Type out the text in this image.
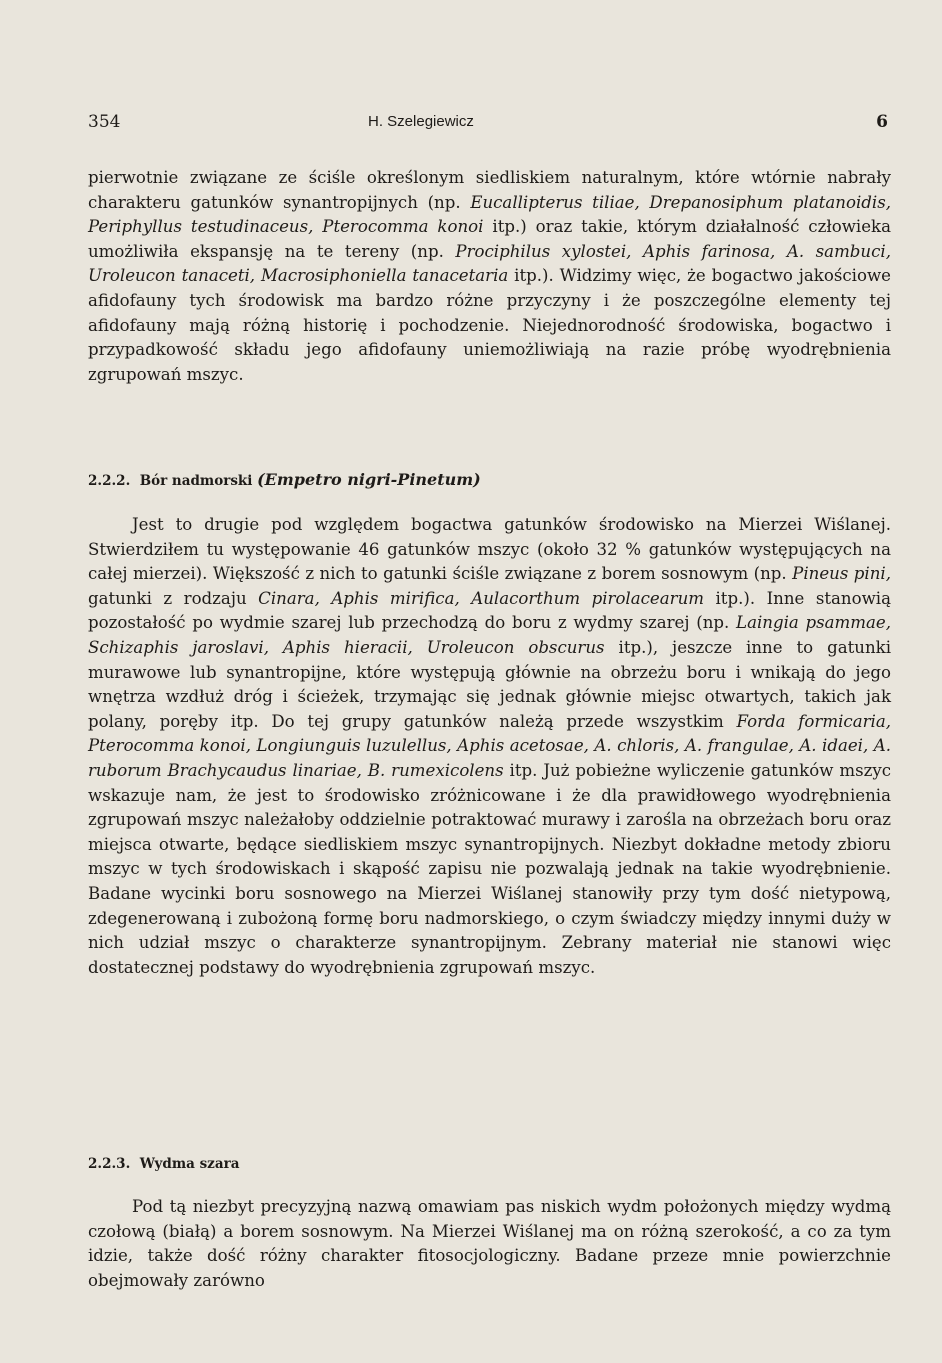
354	H. Szelegiewicz	6
pierwotnie związane ze ściśle określonym siedliskiem naturalnym, które wtórnie nabrały charakteru gatunków synantropijnych (np. Eucallipterus tiliae, Drepanosiphum platanoidis, Periphyllus testudinaceus, Pterocomma konoi itp.) oraz takie, którym działalność człowieka umożliwiła ekspansję na te tereny (np. Prociphilus xylostei, Aphis farinosa, A. sambuci, Uroleucon tanaceti, Macrosiphoniella tanacetaria itp.). Widzimy więc, że bogactwo jakościowe afidofauny tych środowisk ma bardzo różne przyczyny i że poszczególne elementy tej afidofauny mają różną historię i pochodzenie. Niejednorodność środowiska, bogactwo i przypadkowość składu jego afidofauny uniemożliwiają na razie próbę wyodrębnienia zgrupowań mszyc.
2.2.2. Bór nadmorski (Empetro nigri-Pinetum)
Jest to drugie pod względem bogactwa gatunków środowisko na Mierzei Wiślanej. Stwierdziłem tu występowanie 46 gatunków mszyc (około 32 % gatunków występujących na całej mierzei). Większość z nich to gatunki ściśle związane z borem sosnowym (np. Pineus pini, gatunki z rodzaju Cinara, Aphis mirifica, Aulacorthum pirolacearum itp.). Inne stanowią pozostałość po wydmie szarej lub przechodzą do boru z wydmy szarej (np. Laingia psammae, Schizaphis jaroslavi, Aphis hieracii, Uroleucon obscurus itp.), jeszcze inne to gatunki murawowe lub synantropijne, które występują głównie na obrzeżu boru i wnikają do jego wnętrza wzdłuż dróg i ścieżek, trzymając się jednak głównie miejsc otwartych, takich jak polany, poręby itp. Do tej grupy gatunków należą przede wszystkim Forda formicaria, Pterocomma konoi, Longiunguis luzulellus, Aphis acetosae, A. chloris, A. frangulae, A. idaei, A. ruborum Brachycaudus linariae, B. rumexicolens itp. Już pobieżne wyliczenie gatunków mszyc wskazuje nam, że jest to środowisko zróżnicowane i że dla prawidłowego wyodrębnienia zgrupowań mszyc należałoby oddzielnie potraktować murawy i zarośla na obrzeżach boru oraz miejsca otwarte, będące siedliskiem mszyc synantropijnych. Niezbyt dokładne metody zbioru mszyc w tych środowiskach i skąpość zapisu nie pozwalają jednak na takie wyodrębnienie. Badane wycinki boru sosnowego na Mierzei Wiślanej stanowiły przy tym dość nietypową, zdegenerowaną i zubożoną formę boru nadmorskiego, o czym świadczy między innymi duży w nich udział mszyc o charakterze synantropijnym. Zebrany materiał nie stanowi więc dostatecznej podstawy do wyodrębnienia zgrupowań mszyc.
2.2.3. Wydma szara
Pod tą niezbyt precyzyjną nazwą omawiam pas niskich wydm położonych między wydmą czołową (białą) a borem sosnowym. Na Mierzei Wiślanej ma on różną szerokość, a co za tym idzie, także dość różny charakter fitosocjologiczny. Badane przeze mnie powierzchnie obejmowały zarówno
